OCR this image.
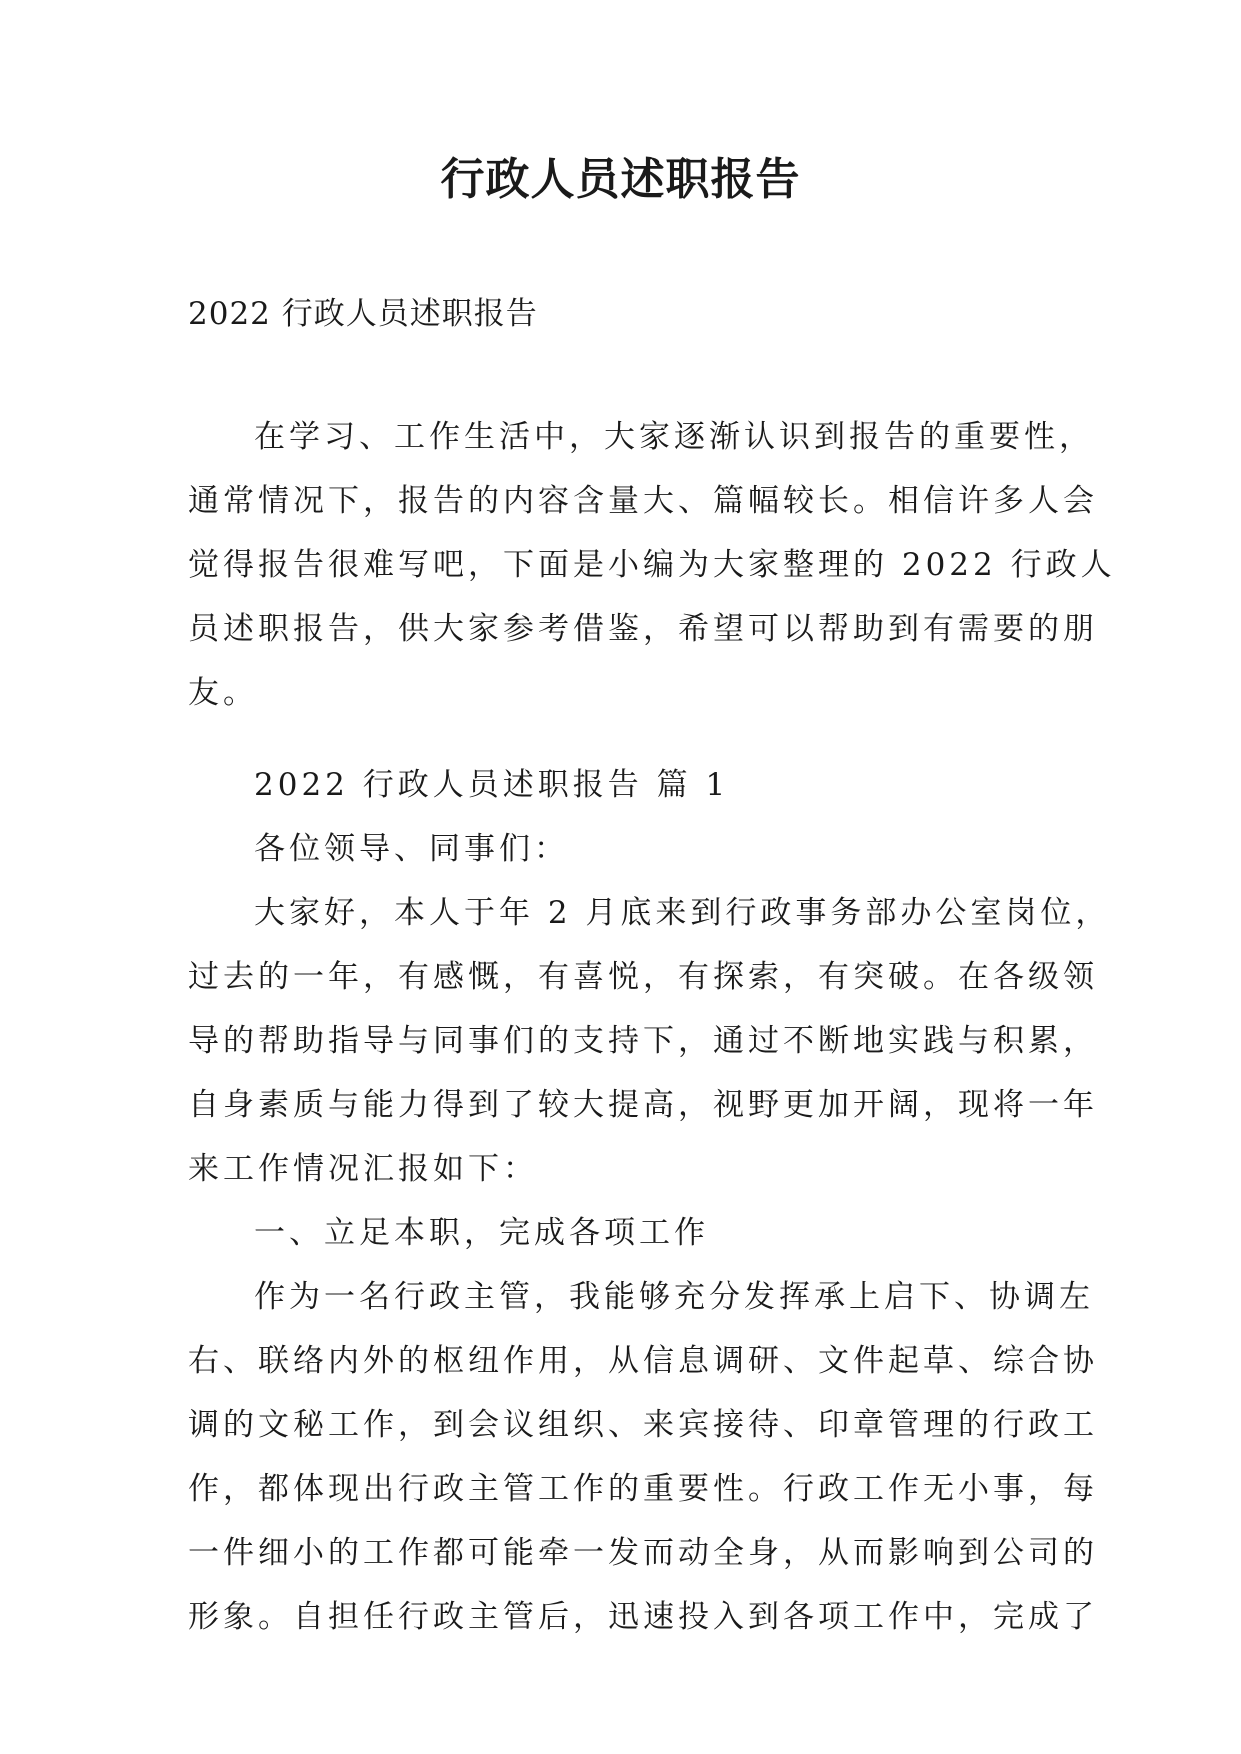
行政人员述职报告
2022 行政人员述职报告
在学习、工作生活中，大家逐渐认识到报告的重要性，
通常情况下，报告的内容含量大、篇幅较长。相信许多人会
觉得报告很难写吧，下面是小编为大家整理的 2022 行政人
员述职报告，供大家参考借鉴，希望可以帮助到有需要的朋
友。
2022 行政人员述职报告 篇 1
各位领导、同事们：
大家好，本人于年 2 月底来到行政事务部办公室岗位，
过去的一年，有感慨，有喜悦，有探索，有突破。在各级领
导的帮助指导与同事们的支持下，通过不断地实践与积累，
自身素质与能力得到了较大提高，视野更加开阔，现将一年
来工作情况汇报如下：
一、立足本职，完成各项工作
作为一名行政主管，我能够充分发挥承上启下、协调左
右、联络内外的枢纽作用，从信息调研、文件起草、综合协
调的文秘工作，到会议组织、来宾接待、印章管理的行政工
作，都体现出行政主管工作的重要性。行政工作无小事，每
一件细小的工作都可能牵一发而动全身，从而影响到公司的
形象。自担任行政主管后，迅速投入到各项工作中，完成了
